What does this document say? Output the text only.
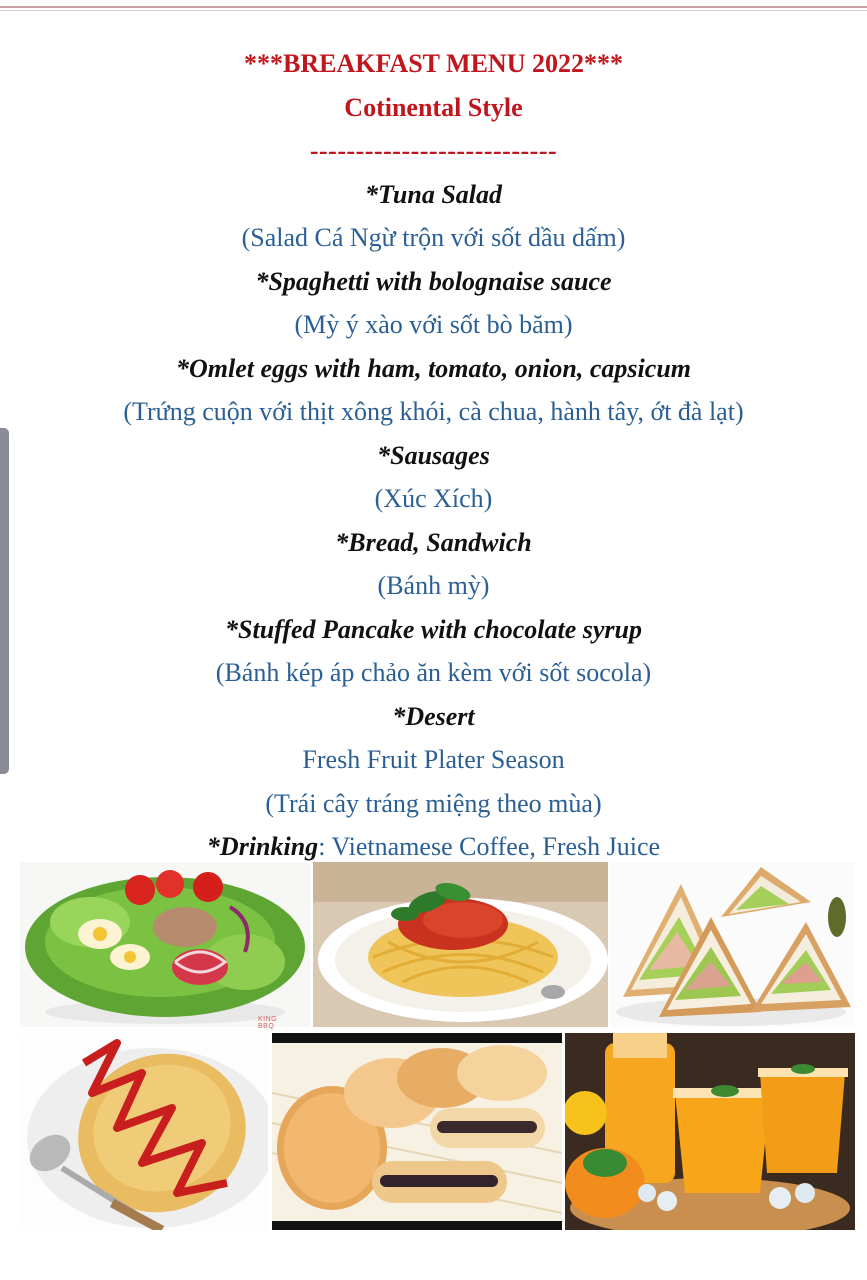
***BREAKFAST MENU 2022***
Cotinental Style
---------------------------
*Tuna Salad
(Salad Cá Ngừ trộn với sốt dầu dấm)
*Spaghetti with bolognaise sauce
(Mỳ ý xào với sốt bò băm)
*Omlet eggs with ham, tomato, onion, capsicum
(Trứng cuộn với thịt xông khói, cà chua, hành tây, ớt đà lạt)
*Sausages
(Xúc Xích)
*Bread, Sandwich
(Bánh mỳ)
*Stuffed Pancake with chocolate syrup
(Bánh kép áp chảo ăn kèm với sốt socola)
*Desert
Fresh Fruit Plater Season
(Trái cây tráng miệng theo mùa)
*Drinking: Vietnamese Coffee, Fresh Juice
KING BBQ
